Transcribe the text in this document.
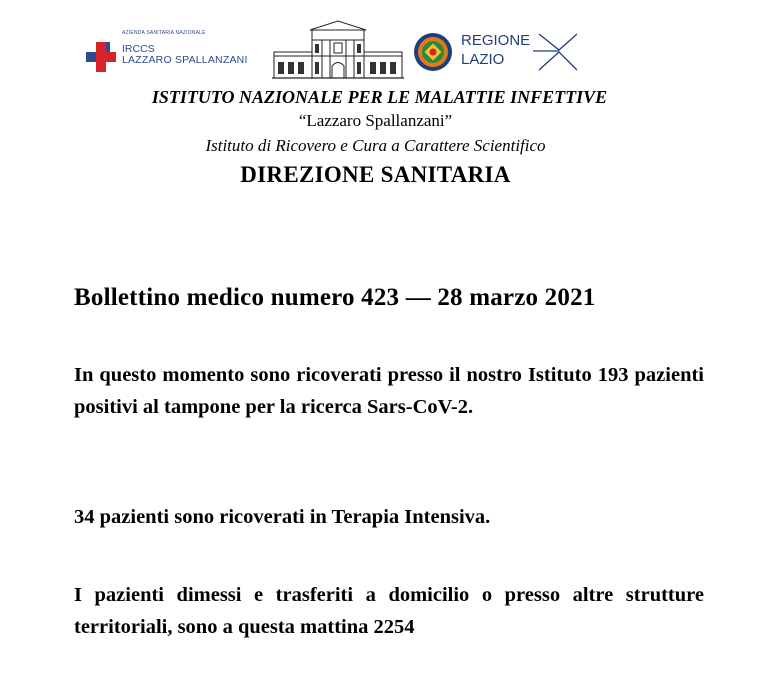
AZIENDA SANITARIA NAZIONALE
IRCCS
LAZZARO SPALLANZANI
REGIONE
LAZIO
ISTITUTO NAZIONALE PER LE MALATTIE INFETTIVE
“Lazzaro Spallanzani”
Istituto di Ricovero e Cura a Carattere Scientifico
DIREZIONE SANITARIA
Bollettino medico numero 423 — 28 marzo 2021
In questo momento sono ricoverati presso il nostro Istituto 193 pazienti positivi al tampone per la ricerca Sars-CoV-2.
34 pazienti sono ricoverati in Terapia Intensiva.
I pazienti dimessi e trasferiti a domicilio o presso altre strutture territoriali, sono a questa mattina 2254
